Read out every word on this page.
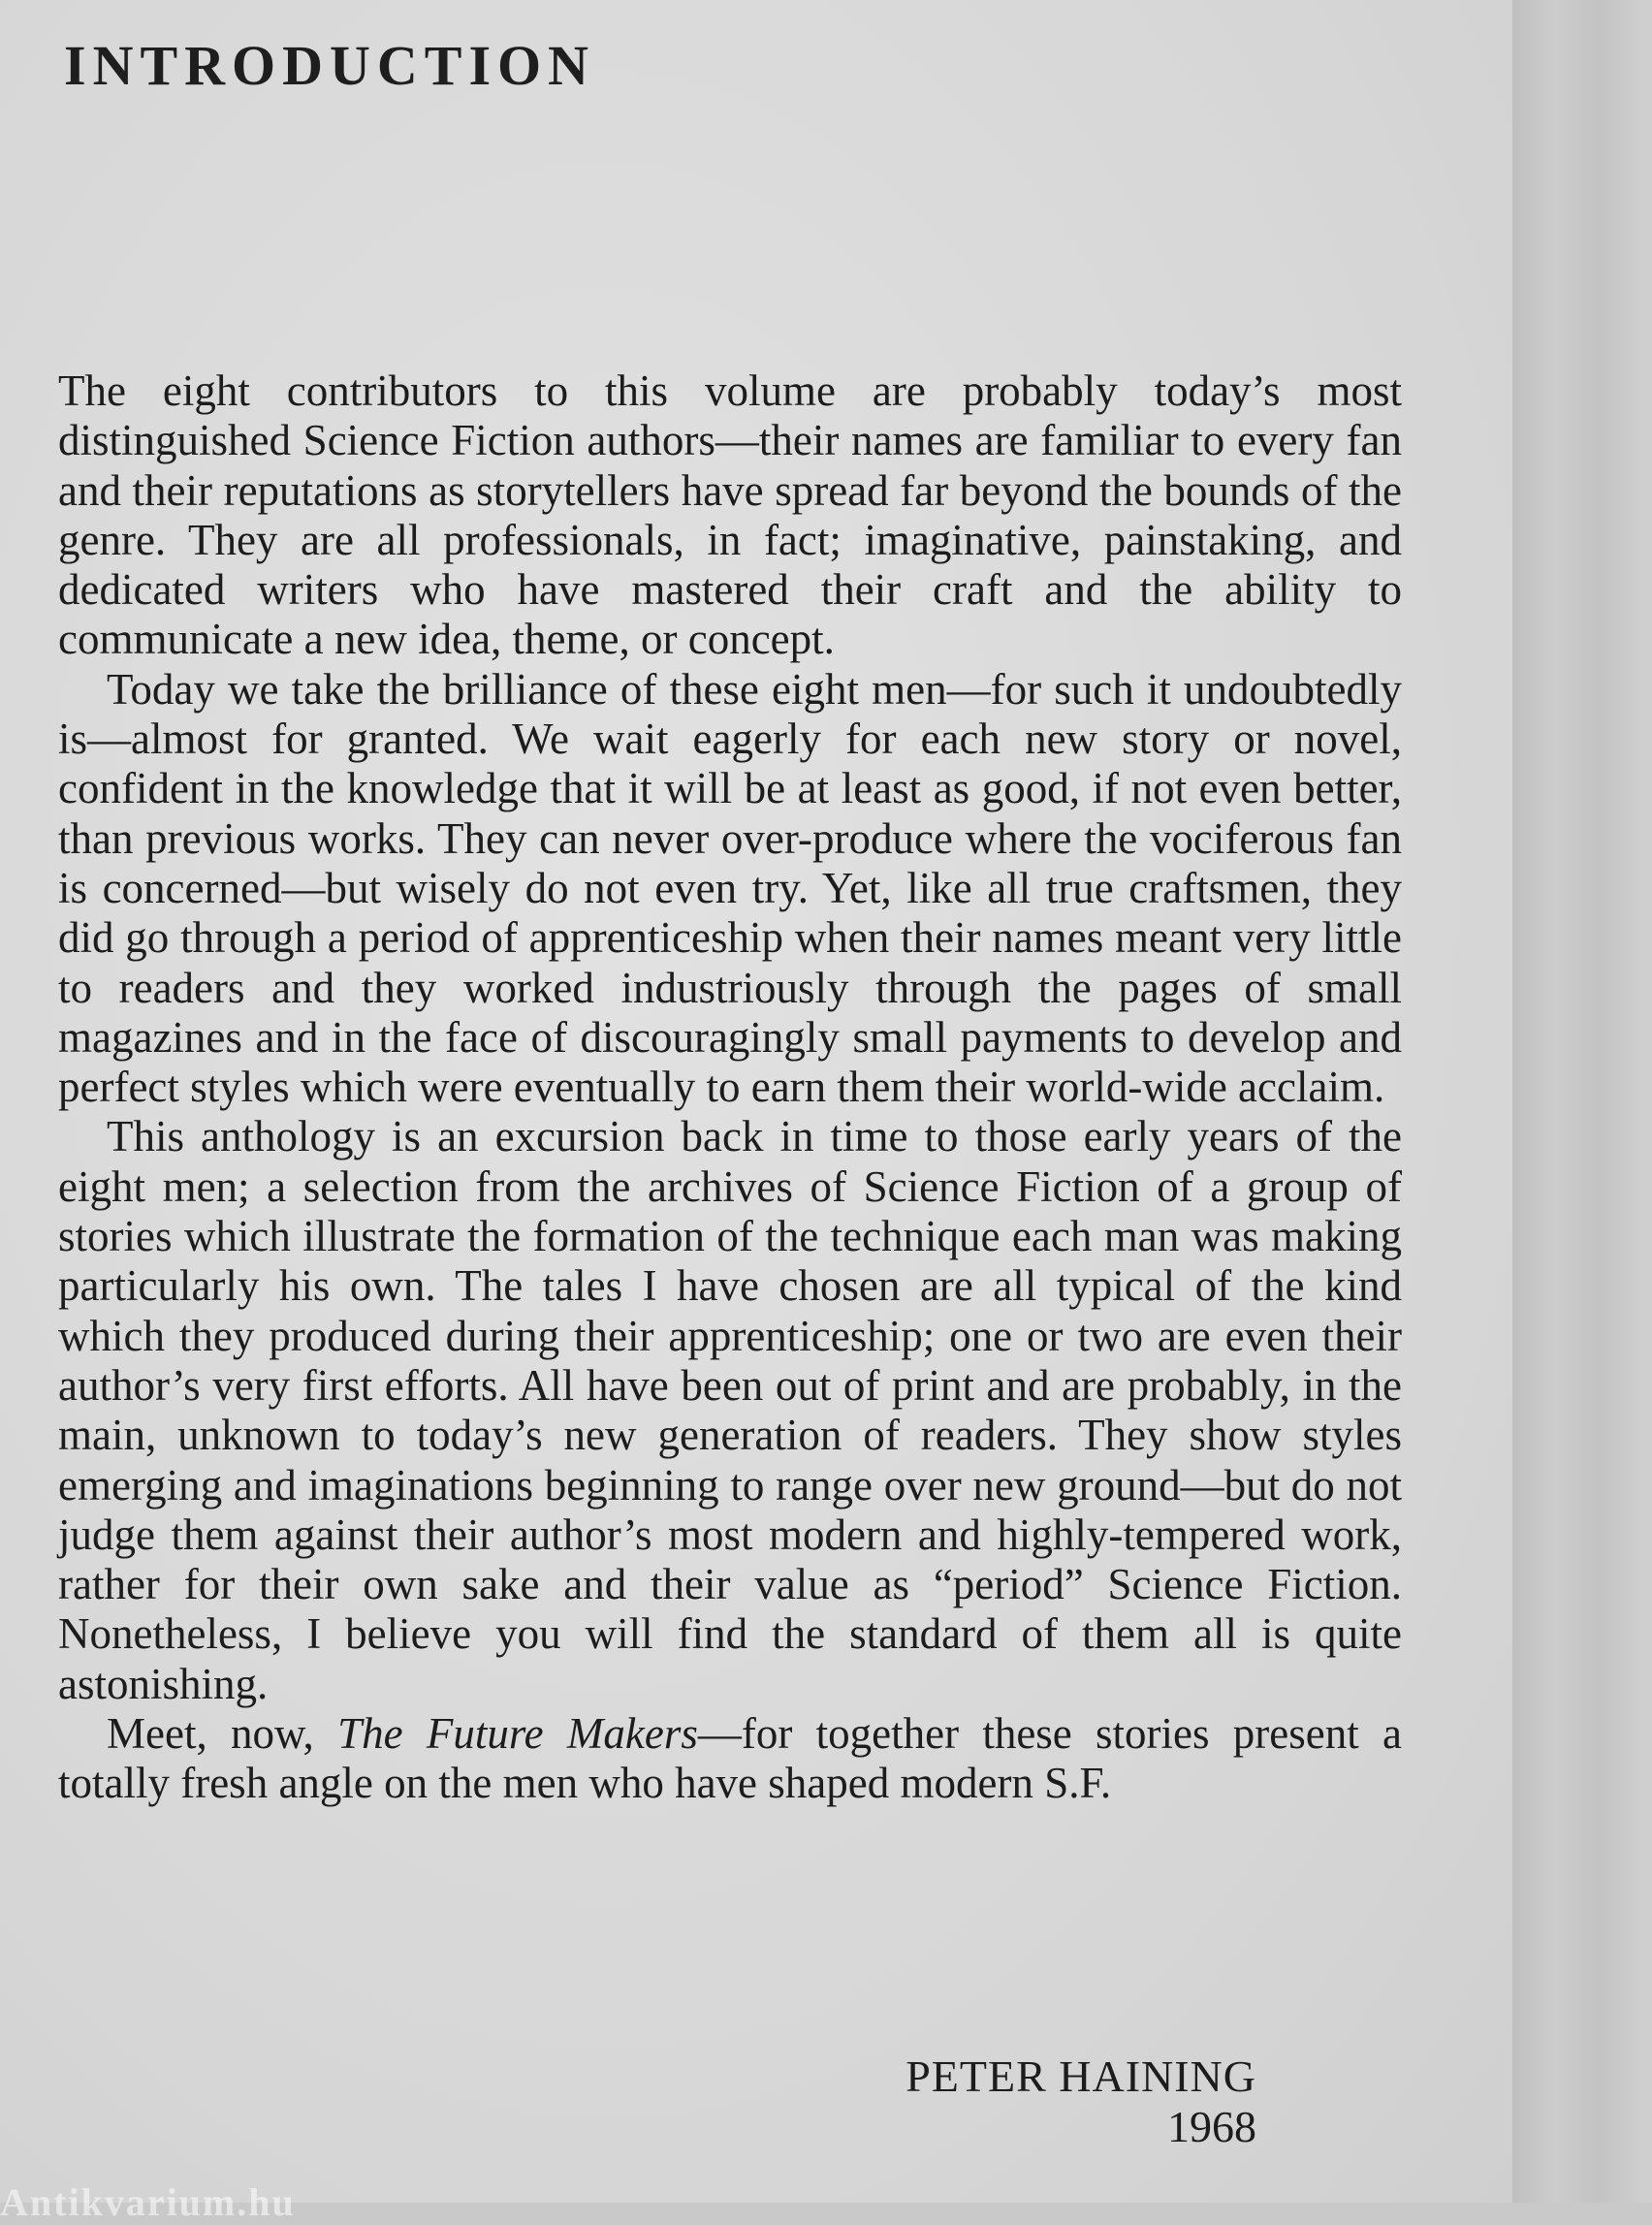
INTRODUCTION

The eight contributors to this volume are probably today’s most distinguished Science Fiction authors—their names are familiar to every fan and their reputations as storytellers have spread far beyond the bounds of the genre. They are all professionals, in fact; imaginative, painstaking, and dedicated writers who have mastered their craft and the ability to communicate a new idea, theme, or concept.

Today we take the brilliance of these eight men—for such it undoubtedly is—almost for granted. We wait eagerly for each new story or novel, confident in the knowledge that it will be at least as good, if not even better, than previous works. They can never over-produce where the vociferous fan is concerned—but wisely do not even try. Yet, like all true craftsmen, they did go through a period of apprenticeship when their names meant very little to readers and they worked industriously through the pages of small magazines and in the face of discouragingly small payments to develop and perfect styles which were eventually to earn them their world-wide acclaim.

This anthology is an excursion back in time to those early years of the eight men; a selection from the archives of Science Fiction of a group of stories which illustrate the formation of the technique each man was making particularly his own. The tales I have chosen are all typical of the kind which they produced during their apprenticeship; one or two are even their author’s very first efforts. All have been out of print and are probably, in the main, unknown to today’s new generation of readers. They show styles emerging and imaginations beginning to range over new ground—but do not judge them against their author’s most modern and highly-tempered work, rather for their own sake and their value as “period” Science Fiction. Nonetheless, I believe you will find the standard of them all is quite astonishing.

Meet, now, The Future Makers—for together these stories present a totally fresh angle on the men who have shaped modern S.F.

PETER HAINING
1968
Antikvarium.hu
